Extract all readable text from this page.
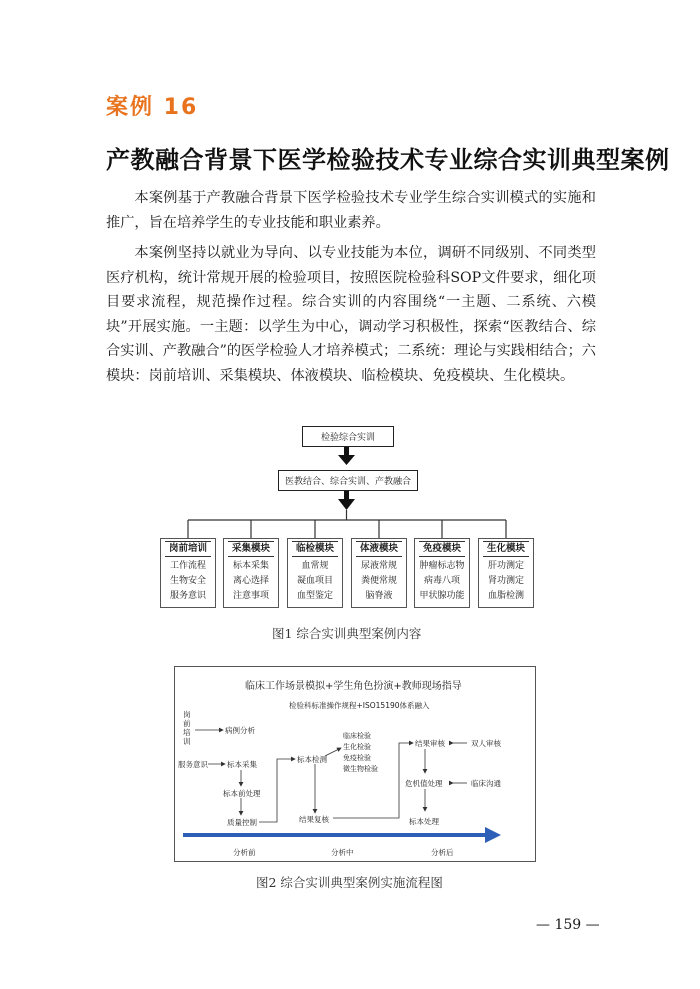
案例 16
产教融合背景下医学检验技术专业综合实训典型案例

本案例基于产教融合背景下医学检验技术专业学生综合实训模式的实施和推广，旨在培养学生的专业技能和职业素养。

本案例坚持以就业为导向、以专业技能为本位，调研不同级别、不同类型医疗机构，统计常规开展的检验项目，按照医院检验科SOP文件要求，细化项目要求流程，规范操作过程。综合实训的内容围绕“一主题、二系统、六模块”开展实施。一主题：以学生为中心，调动学习积极性，探索“医教结合、综合实训、产教融合”的医学检验人才培养模式；二系统：理论与实践相结合；六模块：岗前培训、采集模块、体液模块、临检模块、免疫模块、生化模块。

检验综合实训
医教结合、综合实训、产教融合
岗前培训
工作流程
生物安全
服务意识
采集模块
标本采集
离心选择
注意事项
临检模块
血常规
凝血项目
血型鉴定
体液模块
尿液常规
粪便常规
脑脊液
免疫模块
肿瘤标志物
病毒八项
甲状腺功能
生化模块
肝功测定
肾功测定
血脂检测
图1 综合实训典型案例内容
临床工作场景模拟+学生角色扮演+教师现场指导
检验科标准操作规程+ISO15190体系融入
岗前培训
病例分析
服务意识	标本采集
标本前处理
质量控制
标本检测
临床检验
生化检验
免疫检验
微生物检验
结果复核
结果审核	双人审核
危机值处理	临床沟通
标本处理
分析前	分析中	分析后
图2 综合实训典型案例实施流程图
— 159 —
